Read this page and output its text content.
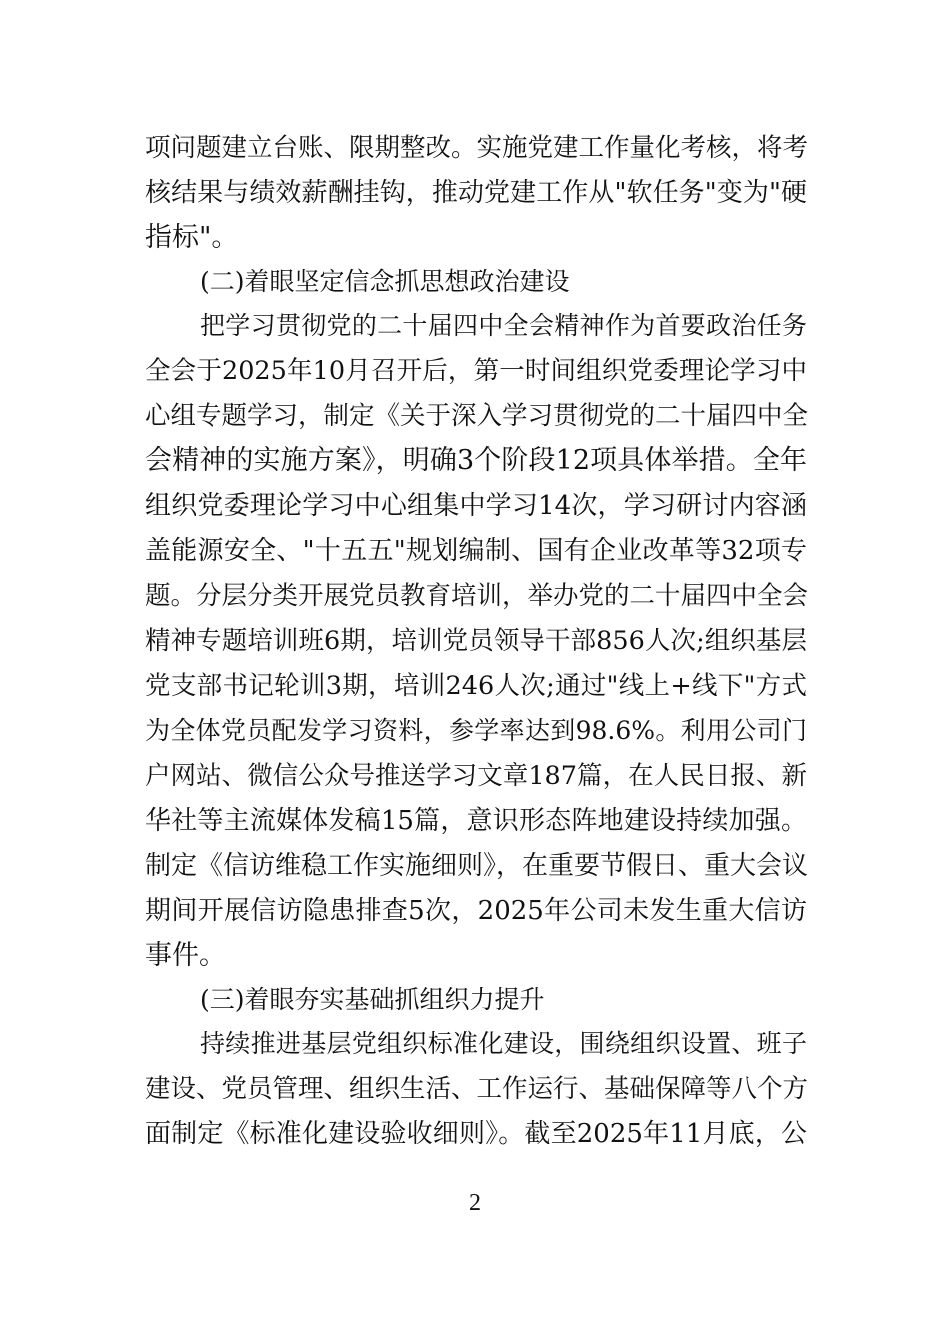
项问题建立台账、限期整改。实施党建工作量化考核，将考
核结果与绩效薪酬挂钩，推动党建工作从"软任务"变为"硬
指标"。
(二)着眼坚定信念抓思想政治建设
把学习贯彻党的二十届四中全会精神作为首要政治任务
全会于2025年10月召开后，第一时间组织党委理论学习中
心组专题学习，制定《关于深入学习贯彻党的二十届四中全
会精神的实施方案》，明确3个阶段12项具体举措。全年
组织党委理论学习中心组集中学习14次，学习研讨内容涵
盖能源安全、"十五五"规划编制、国有企业改革等32项专
题。分层分类开展党员教育培训，举办党的二十届四中全会
精神专题培训班6期，培训党员领导干部856人次;组织基层
党支部书记轮训3期，培训246人次;通过"线上+线下"方式
为全体党员配发学习资料，参学率达到98.6%。利用公司门
户网站、微信公众号推送学习文章187篇，在人民日报、新
华社等主流媒体发稿15篇，意识形态阵地建设持续加强。
制定《信访维稳工作实施细则》，在重要节假日、重大会议
期间开展信访隐患排查5次，2025年公司未发生重大信访
事件。
(三)着眼夯实基础抓组织力提升
持续推进基层党组织标准化建设，围绕组织设置、班子
建设、党员管理、组织生活、工作运行、基础保障等八个方
面制定《标准化建设验收细则》。截至2025年11月底，公
2
